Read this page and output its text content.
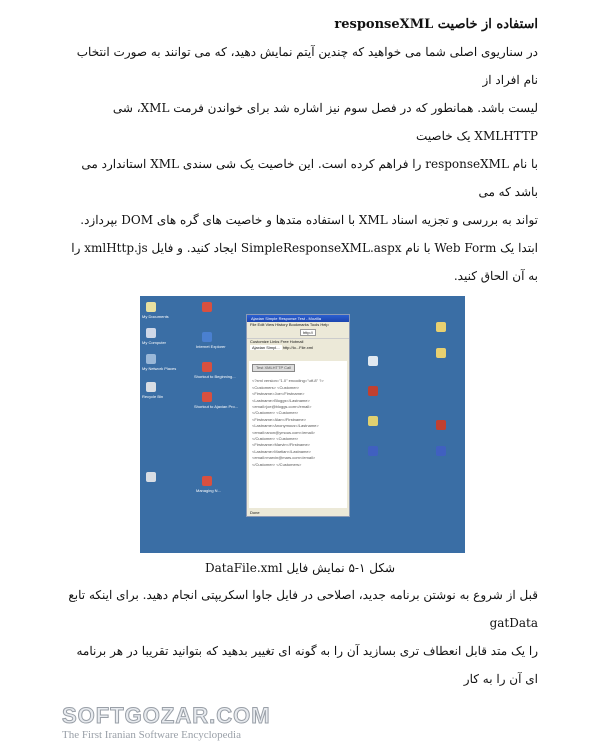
استفاده از خاصیت responseXML
در سناریوی اصلی شما می خواهید که چندین آیتم نمایش دهید، که می توانند به صورت انتخاب نام افراد از
لیست باشد. همانطور که در فصل سوم نیز اشاره شد برای خواندن فرمت XML، شی XMLHTTP یک خاصیت
با نام responseXML را فراهم کرده است. این خاصیت یک شی سندی XML استاندارد می باشد که می
تواند به بررسی و تجزیه اسناد XML با استفاده متدها و خاصیت های گره های DOM بپردازد.
ابتدا یک Web Form با نام SimpleResponseXML.aspx ایجاد کنید. و فایل xmlHttp.js را
به آن الحاق کنید.
My Documents
My Computer
My Network Places
Recycle Bin
Internet Explorer
Shortcut to Beginning...
Shortcut to Ajaxian Pro...
Managing N...
Ajaxian Simple Response Test - Mozilla
File Edit View History Bookmarks Tools Help
http://
Customize Links Free Hotmail
Ajaxian Simpl... http://lo...File.xml
Test XMLHTTP Call
<?xml version="1.0" encoding="utf-8" ?>
<Customers> <Customer>
<Firstname>Joe</Firstname>
<Lastname>Bloggs</Lastname>
<email>joe@bloggs.com</email>
</Customer> <Customer>
<Firstname>Alan</Firstname>
<Lastname>Anonymous</Lastname>
<email>anon@ymous.com</email>
</Customer> <Customer>
<Firstname>Marvin</Firstname>
<Lastname>Martian</Lastname>
<email>marvin@mars.com</email>
</Customer> </Customers>
Done
شکل ۱-۵ نمایش فایل DataFile.xml
قبل از شروع به نوشتن برنامه جدید، اصلاحی در فایل جاوا اسکریپتی انجام دهید. برای اینکه تابع gatData
را یک متد قابل انعطاف تری بسازید آن را به گونه ای تغییر بدهید که بتوانید تقریبا در هر برنامه ای آن را به کار
SOFTGOZAR.COM
The First Iranian Software Encyclopedia
